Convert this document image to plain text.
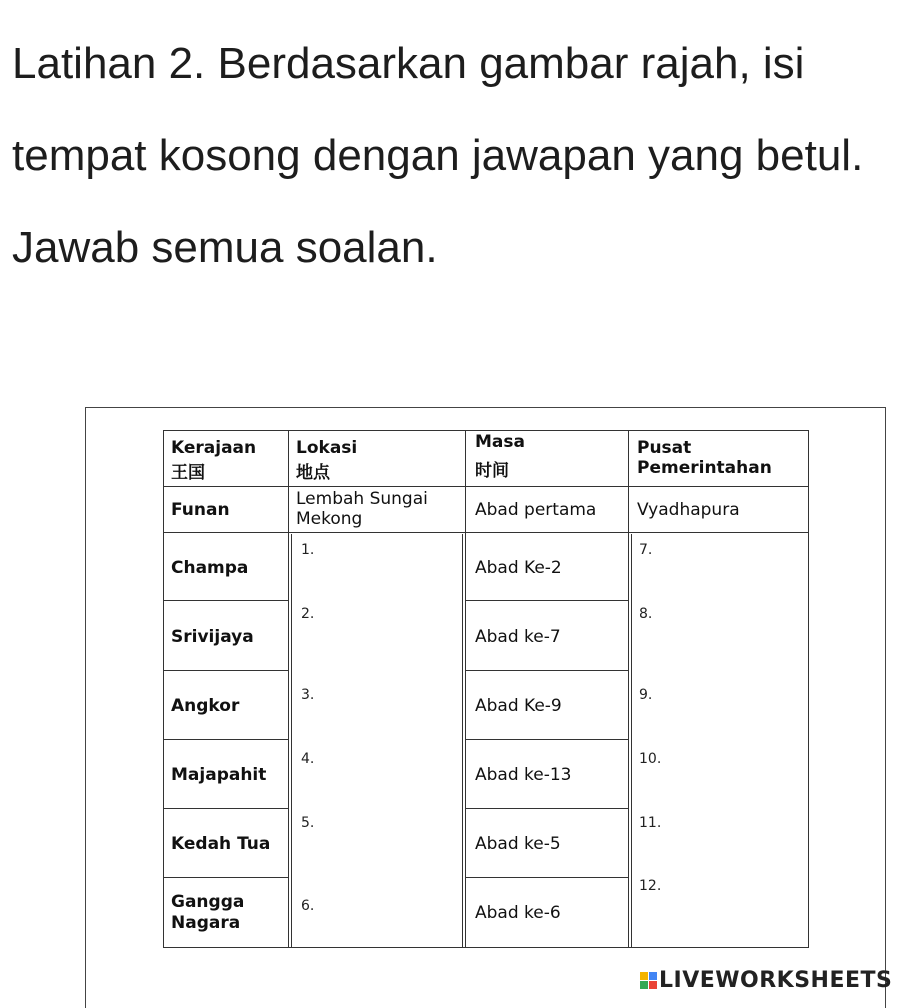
Latihan 2. Berdasarkan gambar rajah, isi tempat kosong dengan jawapan yang betul. Jawab semua soalan.

Kerajaan
王国
Lokasi
地点
Masa
时间
Pusat
Pemerintahan
Funan
Lembah Sungai Mekong	Abad pertama Vyadhapura
Champa
1.
Abad Ke-2
7.
Srivijaya
2.
Abad ke-7
8.
Angkor
3.
Abad Ke-9
9.
Majapahit
4.
Abad ke-13
10.
Kedah Tua
5.
Abad ke-5
11.
Gangga Nagara
6.	Abad ke-6
12.
LIVEWORKSHEETS
